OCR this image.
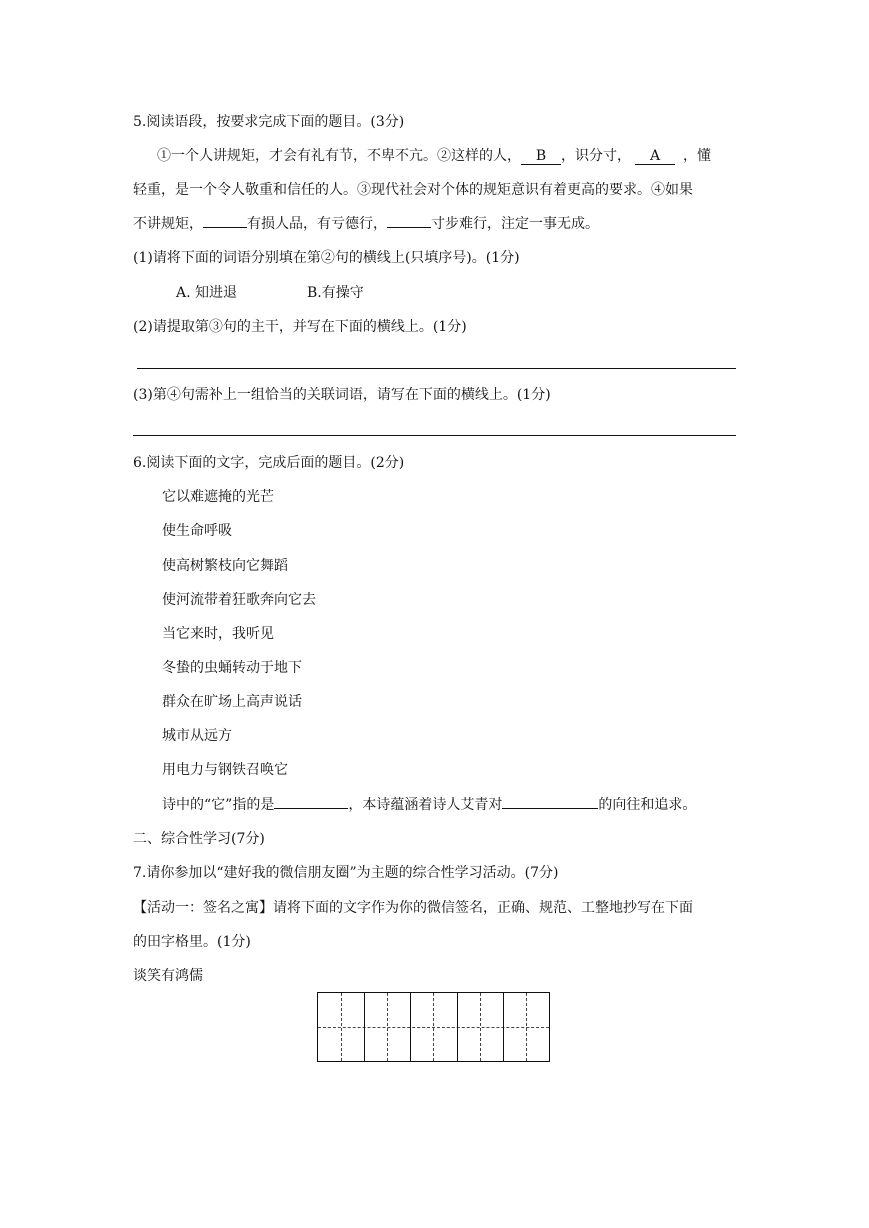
5.阅读语段，按要求完成下面的题目。(3分)
①一个人讲规矩，才会有礼有节，不卑不亢。②这样的人， B ，识分寸， A ，懂
轻重，是一个令人敬重和信任的人。③现代社会对个体的规矩意识有着更高的要求。④如果
不讲规矩，	有损人品，有亏德行，	寸步难行，注定一事无成。
(1)请将下面的词语分别填在第②句的横线上(只填序号)。(1分)
A. 知进退	B.有操守
(2)请提取第③句的主干，并写在下面的横线上。(1分)
(3)第④句需补上一组恰当的关联词语，请写在下面的横线上。(1分)
6.阅读下面的文字，完成后面的题目。(2分)
它以难遮掩的光芒
使生命呼吸
使高树繁枝向它舞蹈
使河流带着狂歌奔向它去
当它来时，我听见
冬蛰的虫蛹转动于地下
群众在旷场上高声说话
城市从远方
用电力与钢铁召唤它
诗中的“它”指的是	，本诗蕴涵着诗人艾青对	的向往和追求。
二、综合性学习(7分)
7.请你参加以“建好我的微信朋友圈”为主题的综合性学习活动。(7分)
【活动一：签名之寓】请将下面的文字作为你的微信签名，正确、规范、工整地抄写在下面
的田字格里。(1分)
谈笑有鸿儒
